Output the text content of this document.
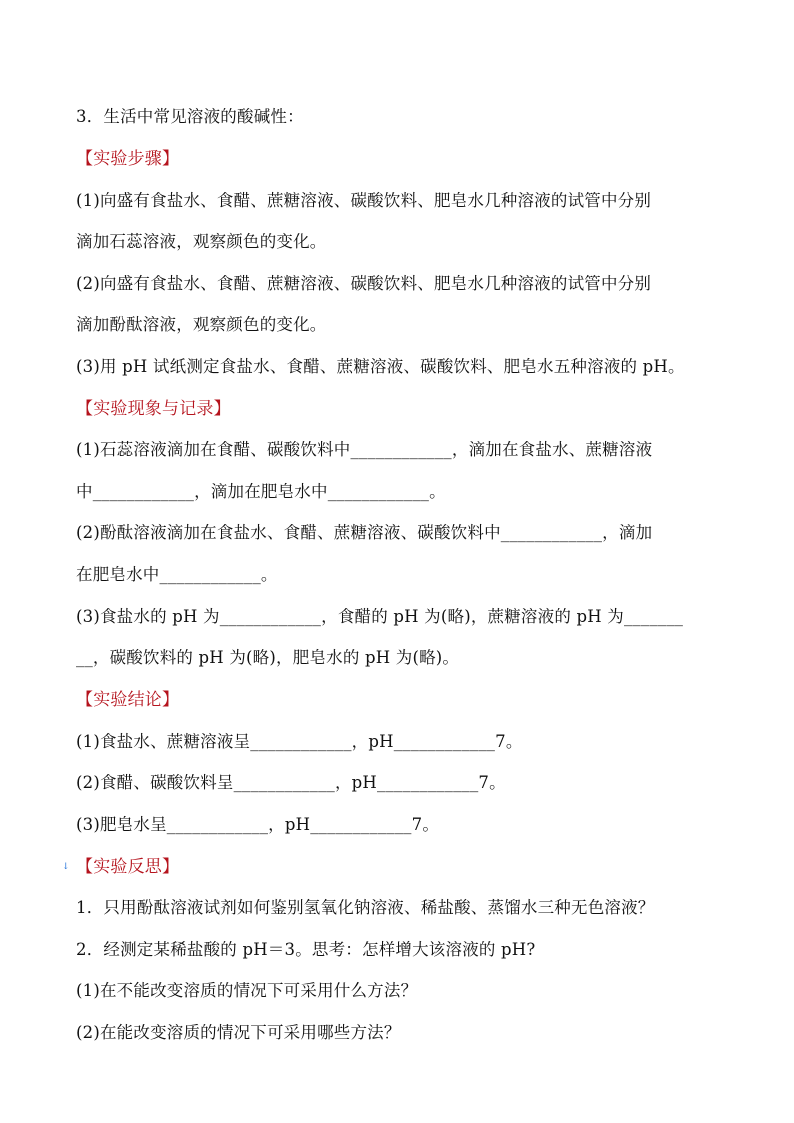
3．生活中常见溶液的酸碱性：
【实验步骤】
(1)向盛有食盐水、食醋、蔗糖溶液、碳酸饮料、肥皂水几种溶液的试管中分别
滴加石蕊溶液，观察颜色的变化。
(2)向盛有食盐水、食醋、蔗糖溶液、碳酸饮料、肥皂水几种溶液的试管中分别
滴加酚酞溶液，观察颜色的变化。
(3)用 pH 试纸测定食盐水、食醋、蔗糖溶液、碳酸饮料、肥皂水五种溶液的 pH。
【实验现象与记录】
(1)石蕊溶液滴加在食醋、碳酸饮料中____________，滴加在食盐水、蔗糖溶液
中____________，滴加在肥皂水中____________。
(2)酚酞溶液滴加在食盐水、食醋、蔗糖溶液、碳酸饮料中____________，滴加
在肥皂水中____________。
(3)食盐水的 pH 为____________，食醋的 pH 为(略)，蔗糖溶液的 pH 为_______
__，碳酸饮料的 pH 为(略)，肥皂水的 pH 为(略)。
【实验结论】
(1)食盐水、蔗糖溶液呈____________，pH____________7。
(2)食醋、碳酸饮料呈____________，pH____________7。
(3)肥皂水呈____________，pH____________7。
↓ 【实验反思】
1．只用酚酞溶液试剂如何鉴别氢氧化钠溶液、稀盐酸、蒸馏水三种无色溶液？
2．经测定某稀盐酸的 pH＝3。思考：怎样增大该溶液的 pH?
(1)在不能改变溶质的情况下可采用什么方法？
(2)在能改变溶质的情况下可采用哪些方法？
